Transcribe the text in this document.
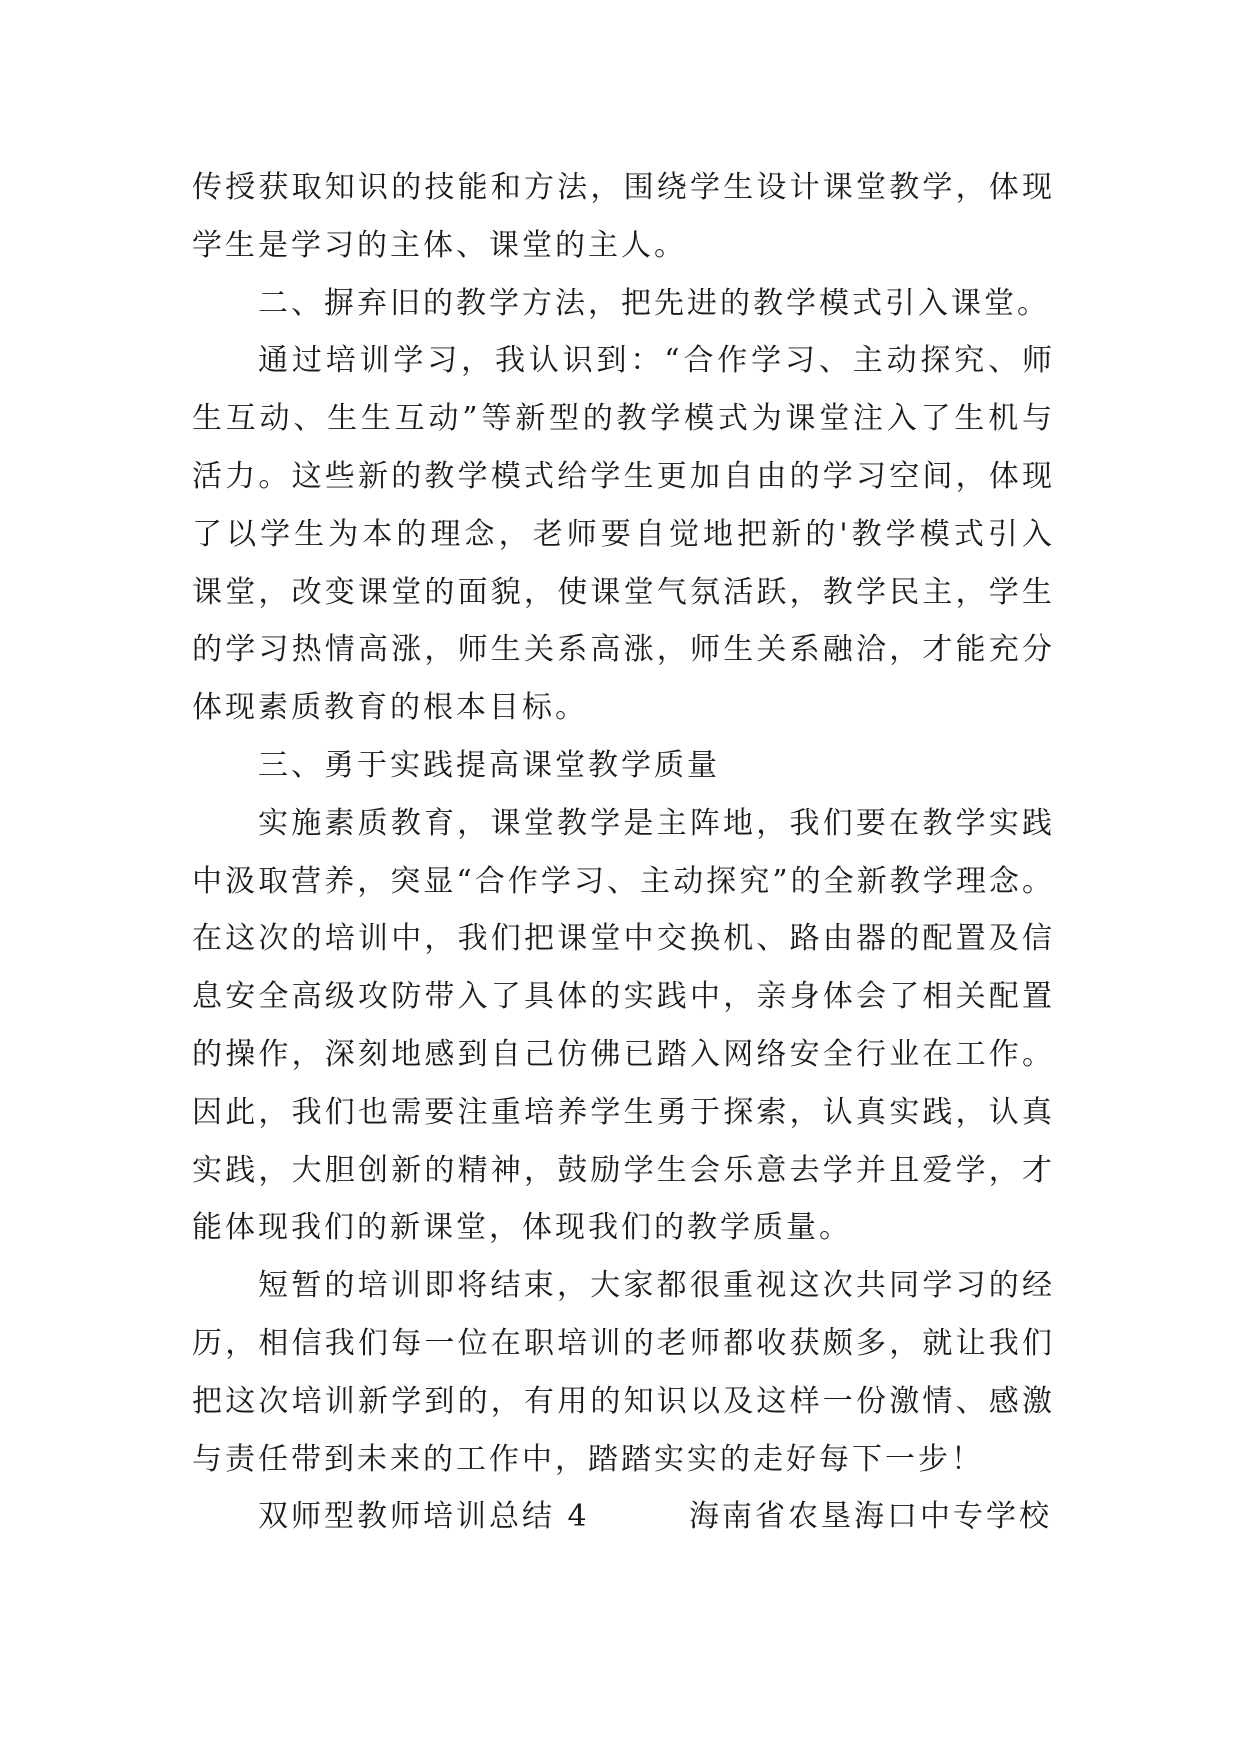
传授获取知识的技能和方法，围绕学生设计课堂教学，体现
学生是学习的主体、课堂的主人。
二、摒弃旧的教学方法，把先进的教学模式引入课堂。
通过培训学习，我认识到：“合作学习、主动探究、师
生互动、生生互动”等新型的教学模式为课堂注入了生机与
活力。这些新的教学模式给学生更加自由的学习空间，体现
了以学生为本的理念，老师要自觉地把新的'教学模式引入
课堂，改变课堂的面貌，使课堂气氛活跃，教学民主，学生
的学习热情高涨，师生关系高涨，师生关系融洽，才能充分
体现素质教育的根本目标。
三、勇于实践提高课堂教学质量
实施素质教育，课堂教学是主阵地，我们要在教学实践
中汲取营养，突显“合作学习、主动探究”的全新教学理念。
在这次的培训中，我们把课堂中交换机、路由器的配置及信
息安全高级攻防带入了具体的实践中，亲身体会了相关配置
的操作，深刻地感到自己仿佛已踏入网络安全行业在工作。
因此，我们也需要注重培养学生勇于探索，认真实践，认真
实践，大胆创新的精神，鼓励学生会乐意去学并且爱学，才
能体现我们的新课堂，体现我们的教学质量。
短暂的培训即将结束，大家都很重视这次共同学习的经
历，相信我们每一位在职培训的老师都收获颇多，就让我们
把这次培训新学到的，有用的知识以及这样一份激情、感激
与责任带到未来的工作中，踏踏实实的走好每下一步！
双师型教师培训总结 4	海南省农垦海口中专学校
